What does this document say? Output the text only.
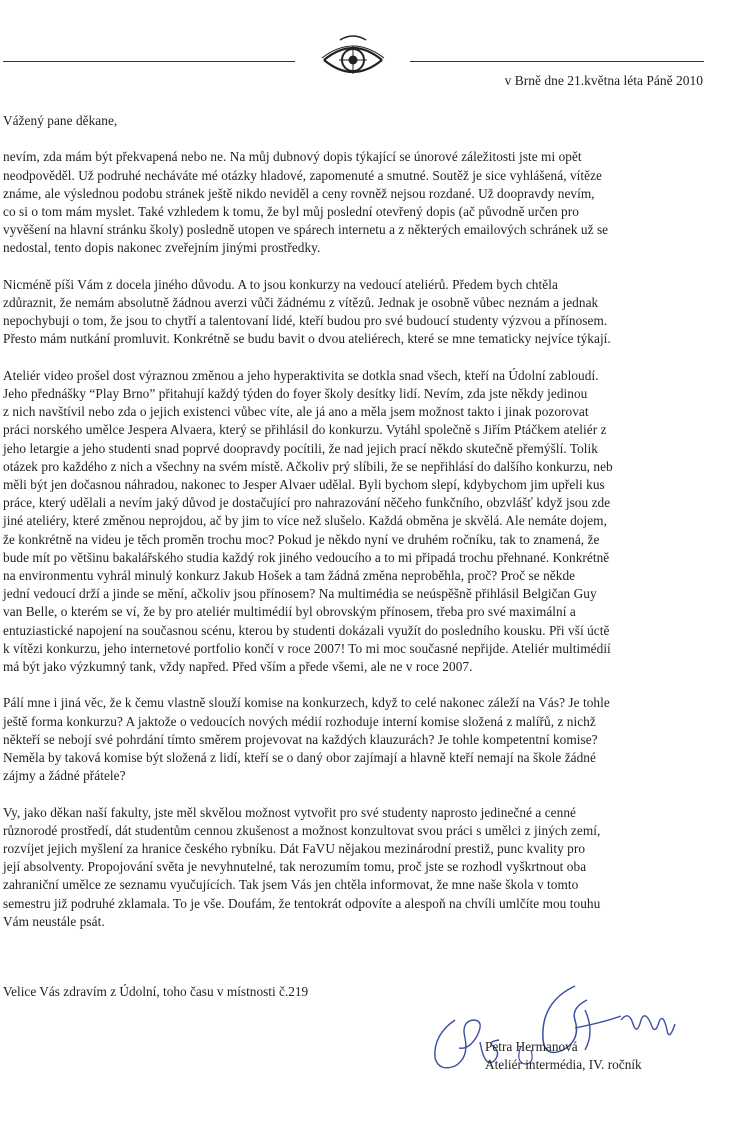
v Brně dne 21.května léta Páně 2010

Vážený pane děkane,

nevím, zda mám být překvapená nebo ne. Na můj dubnový dopis týkající se únorové záležitosti jste mi opět
neodpověděl. Už podruhé necháváte mé otázky hladové, zapomenuté a smutné. Soutěž je sice vyhlášená, vítěze
známe, ale výslednou podobu stránek ještě nikdo neviděl a ceny rovněž nejsou rozdané. Už doopravdy nevím,
co si o tom mám myslet. Také vzhledem k tomu, že byl můj poslední otevřený dopis (ač původně určen pro
vyvěšení na hlavní stránku školy) posledně utopen ve spárech internetu a z některých emailových schránek už se
nedostal, tento dopis nakonec zveřejním jinými prostředky.

Nicméně píši Vám z docela jiného důvodu. A to jsou konkurzy na vedoucí ateliérů. Předem bych chtěla
zdůraznit, že nemám absolutně žádnou averzi vůči žádnému z vítězů. Jednak je osobně vůbec neznám a jednak
nepochybuji o tom, že jsou to chytří a talentovaní lidé, kteří budou pro své budoucí studenty výzvou a přínosem.
Přesto mám nutkání promluvit. Konkrétně se budu bavit o dvou ateliérech, které se mne tematicky nejvíce týkají.

Ateliér video prošel dost výraznou změnou a jeho hyperaktivita se dotkla snad všech, kteří na Údolní zabloudí.
Jeho přednášky “Play Brno” přitahují každý týden do foyer školy desítky lidí. Nevím, zda jste někdy jedinou
z nich navštívil nebo zda o jejich existenci vůbec víte, ale já ano a měla jsem možnost takto i jinak pozorovat
práci norského umělce Jespera Alvaera, který se přihlásil do konkurzu. Vytáhl společně s Jiřím Ptáčkem ateliér z
jeho letargie a jeho studenti snad poprvé doopravdy pocítili, že nad jejich prací někdo skutečně přemýšlí. Tolik
otázek pro každého z nich a všechny na svém místě. Ačkoliv prý slíbili, že se nepřihlásí do dalšího konkurzu, neb
měli být jen dočasnou náhradou, nakonec to Jesper Alvaer udělal. Byli bychom slepí, kdybychom jim upřeli kus
práce, který udělali a nevím jaký důvod je dostačující pro nahrazování něčeho funkčního, obzvlášť když jsou zde
jiné ateliéry, které změnou neprojdou, ač by jim to více než slušelo. Každá obměna je skvělá. Ale nemáte dojem,
že konkrétně na videu je těch proměn trochu moc? Pokud je někdo nyní ve druhém ročníku, tak to znamená, že
bude mít po většinu bakalářského studia každý rok jiného vedoucího a to mi připadá trochu přehnané. Konkrétně
na environmentu vyhrál minulý konkurz Jakub Hošek a tam žádná změna neproběhla, proč? Proč se někde
jední vedoucí drží a jinde se mění, ačkoliv jsou přínosem? Na multimédia se neúspěšně přihlásil Belgičan Guy
van Belle, o kterém se ví, že by pro ateliér multimédií byl obrovským přínosem, třeba pro své maximální a
entuziastické napojení na současnou scénu, kterou by studenti dokázali využít do posledního kousku. Při vší úctě
k vítězi konkurzu, jeho internetové portfolio končí v roce 2007! To mi moc současné nepřijde. Ateliér multimédií
má být jako výzkumný tank, vždy napřed. Před vším a přede všemi, ale ne v roce 2007.

Pálí mne i jiná věc, že k čemu vlastně slouží komise na konkurzech, když to celé nakonec záleží na Vás? Je tohle
ještě forma konkurzu? A jaktože o vedoucích nových médií rozhoduje interní komise složená z malířů, z nichž
někteří se nebojí své pohrdání tímto směrem projevovat na každých klauzurách? Je tohle kompetentní komise?
Neměla by taková komise být složená z lidí, kteří se o daný obor zajímají a hlavně kteří nemají na škole žádné
zájmy a žádné přátele?

Vy, jako děkan naší fakulty, jste měl skvělou možnost vytvořit pro své studenty naprosto jedinečné a cenné
různorodé prostředí, dát studentům cennou zkušenost a možnost konzultovat svou práci s umělci z jiných zemí,
rozvíjet jejich myšlení za hranice českého rybníku. Dát FaVU nějakou mezinárodní prestiž, punc kvality pro
její absolventy. Propojování světa je nevyhnutelné, tak nerozumím tomu, proč jste se rozhodl vyškrtnout oba
zahraniční umělce ze seznamu vyučujících. Tak jsem Vás jen chtěla informovat, že mne naše škola v tomto
semestru již podruhé zklamala. To je vše. Doufám, že tentokrát odpovíte a alespoň na chvíli umlčíte mou touhu
Vám neustále psát.

Velice Vás zdravím z Údolní, toho času v místnosti č.219
Petra Hermanová
Ateliér intermédia, IV. ročník
